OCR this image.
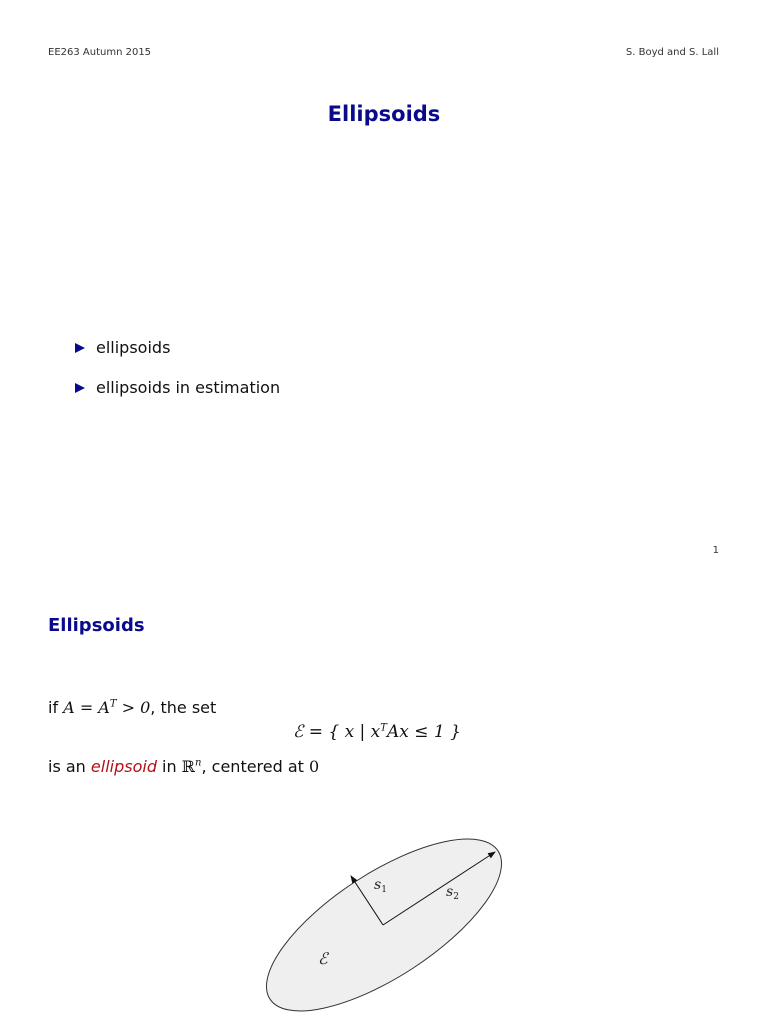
EE263 Autumn 2015	S. Boyd and S. Lall
Ellipsoids
ellipsoids
ellipsoids in estimation
1
Ellipsoids
if $A = A^T > 0$, the set
ℰ = { x | $x^TAx \le 1$ }
is an ellipsoid in ℝ$^n$, centered at 0
$s_1$	$s_2$
ℰ
